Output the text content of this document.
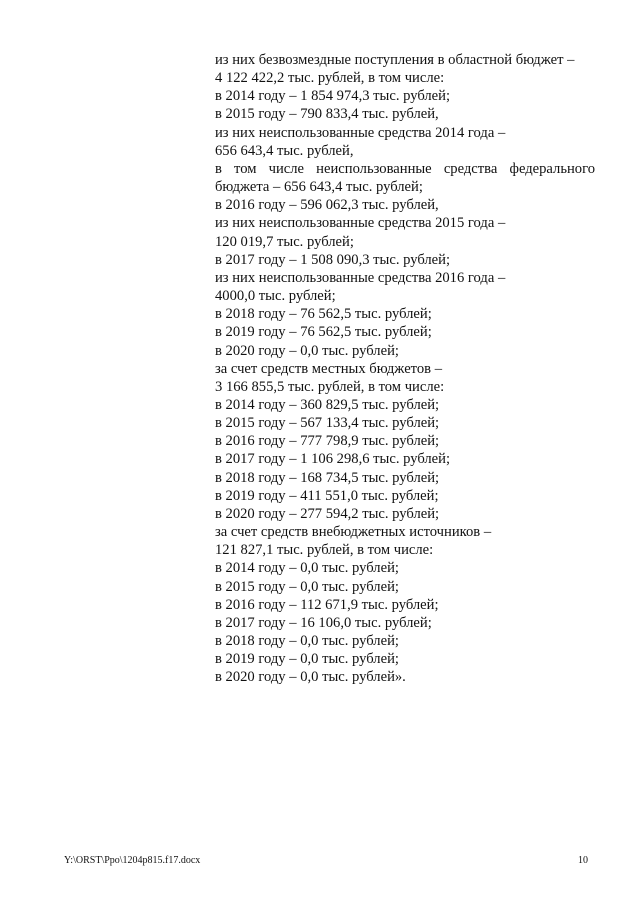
из них безвозмездные поступления в областной бюджет –
4 122 422,2 тыс. рублей, в том числе:
в 2014 году – 1 854 974,3 тыс. рублей;
в 2015 году – 790 833,4 тыс. рублей,
из них неиспользованные средства 2014 года –
656 643,4 тыс. рублей,
в том числе неиспользованные средства федерального
бюджета – 656 643,4 тыс. рублей;
в 2016 году – 596 062,3 тыс. рублей,
из них неиспользованные средства 2015 года –
120 019,7 тыс. рублей;
в 2017 году – 1 508 090,3 тыс. рублей;
из них неиспользованные средства 2016 года –
4000,0 тыс. рублей;
в 2018 году – 76 562,5 тыс. рублей;
в 2019 году – 76 562,5 тыс. рублей;
в 2020 году – 0,0 тыс. рублей;
за счет средств местных бюджетов –
3 166 855,5 тыс. рублей, в том числе:
в 2014 году – 360 829,5 тыс. рублей;
в 2015 году – 567 133,4 тыс. рублей;
в 2016 году – 777 798,9 тыс. рублей;
в 2017 году – 1 106 298,6 тыс. рублей;
в 2018 году – 168 734,5 тыс. рублей;
в 2019 году – 411 551,0 тыс. рублей;
в 2020 году – 277 594,2 тыс. рублей;
за счет средств внебюджетных источников –
121 827,1 тыс. рублей, в том числе:
в 2014 году – 0,0 тыс. рублей;
в 2015 году – 0,0 тыс. рублей;
в 2016 году – 112 671,9 тыс. рублей;
в 2017 году – 16 106,0 тыс. рублей;
в 2018 году – 0,0 тыс. рублей;
в 2019 году – 0,0 тыс. рублей;
в 2020 году – 0,0 тыс. рублей».
Y:\ORST\Ppo\1204p815.f17.docx	10
